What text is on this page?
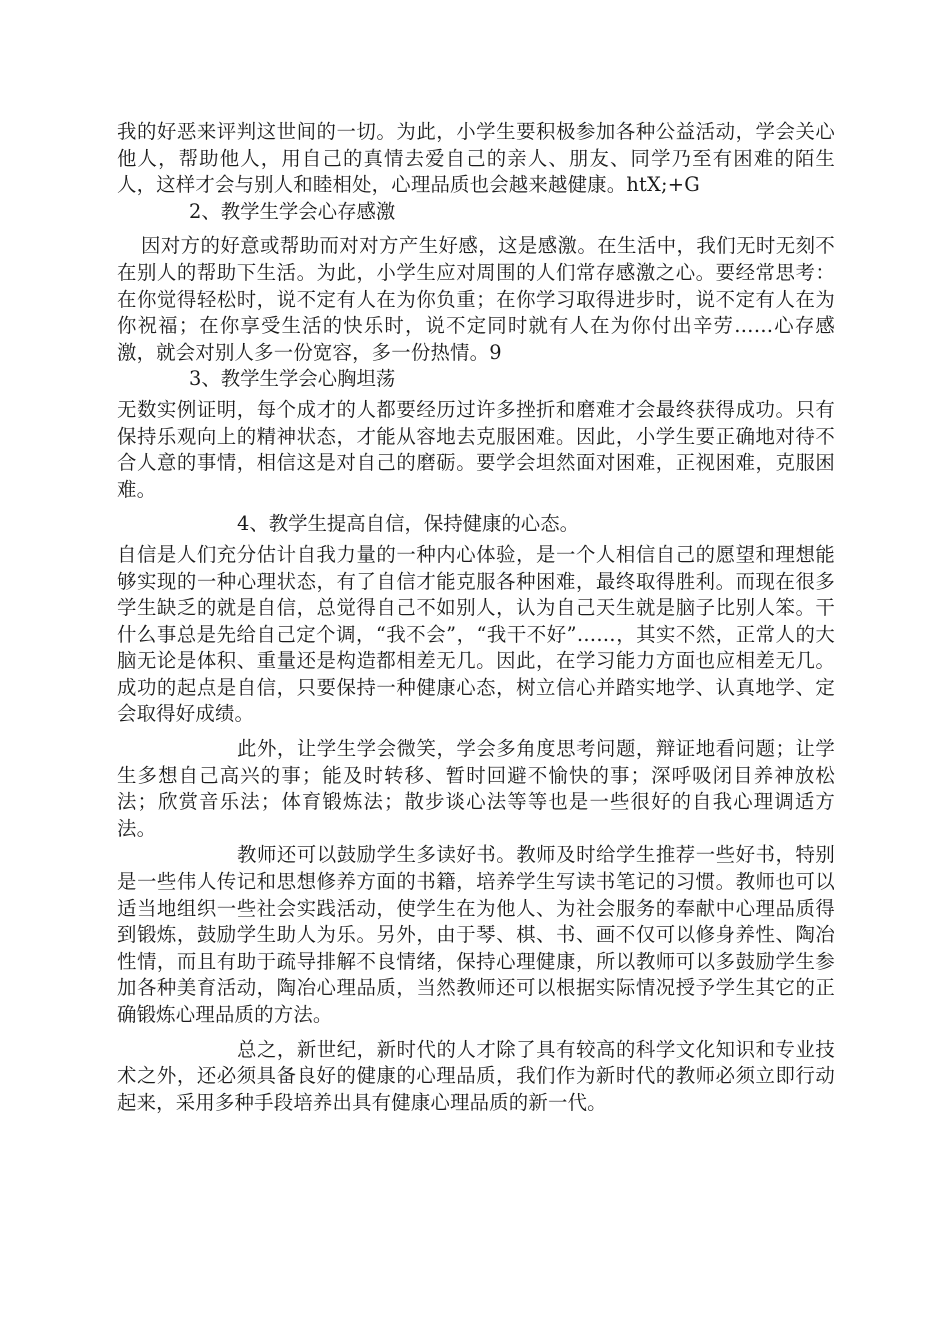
我的好恶来评判这世间的一切。为此，小学生要积极参加各种公益活动，学会关心他人，帮助他人，用自己的真情去爱自己的亲人、朋友、同学乃至有困难的陌生人，这样才会与别人和睦相处，心理品质也会越来越健康。htX;+G

2、教学生学会心存感激

因对方的好意或帮助而对对方产生好感，这是感激。在生活中，我们无时无刻不在别人的帮助下生活。为此，小学生应对周围的人们常存感激之心。要经常思考：在你觉得轻松时，说不定有人在为你负重；在你学习取得进步时，说不定有人在为你祝福；在你享受生活的快乐时，说不定同时就有人在为你付出辛劳……心存感激，就会对别人多一份宽容，多一份热情。9

3、教学生学会心胸坦荡

无数实例证明，每个成才的人都要经历过许多挫折和磨难才会最终获得成功。只有保持乐观向上的精神状态，才能从容地去克服困难。因此，小学生要正确地对待不合人意的事情，相信这是对自己的磨砺。要学会坦然面对困难，正视困难，克服困难。

4、教学生提高自信，保持健康的心态。

自信是人们充分估计自我力量的一种内心体验，是一个人相信自己的愿望和理想能够实现的一种心理状态，有了自信才能克服各种困难，最终取得胜利。而现在很多学生缺乏的就是自信，总觉得自己不如别人，认为自己天生就是脑子比别人笨。干什么事总是先给自己定个调，“我不会”，“我干不好”……，其实不然，正常人的大脑无论是体积、重量还是构造都相差无几。因此，在学习能力方面也应相差无几。成功的起点是自信，只要保持一种健康心态，树立信心并踏实地学、认真地学、定会取得好成绩。

此外，让学生学会微笑，学会多角度思考问题，辩证地看问题；让学生多想自己高兴的事；能及时转移、暂时回避不愉快的事；深呼吸闭目养神放松法；欣赏音乐法；体育锻炼法；散步谈心法等等也是一些很好的自我心理调适方法。

教师还可以鼓励学生多读好书。教师及时给学生推荐一些好书，特别是一些伟人传记和思想修养方面的书籍，培养学生写读书笔记的习惯。教师也可以适当地组织一些社会实践活动，使学生在为他人、为社会服务的奉献中心理品质得到锻炼，鼓励学生助人为乐。另外，由于琴、棋、书、画不仅可以修身养性、陶冶性情，而且有助于疏导排解不良情绪，保持心理健康，所以教师可以多鼓励学生参加各种美育活动，陶冶心理品质，当然教师还可以根据实际情况授予学生其它的正确锻炼心理品质的方法。

总之，新世纪，新时代的人才除了具有较高的科学文化知识和专业技术之外，还必须具备良好的健康的心理品质，我们作为新时代的教师必须立即行动起来，采用多种手段培养出具有健康心理品质的新一代。
